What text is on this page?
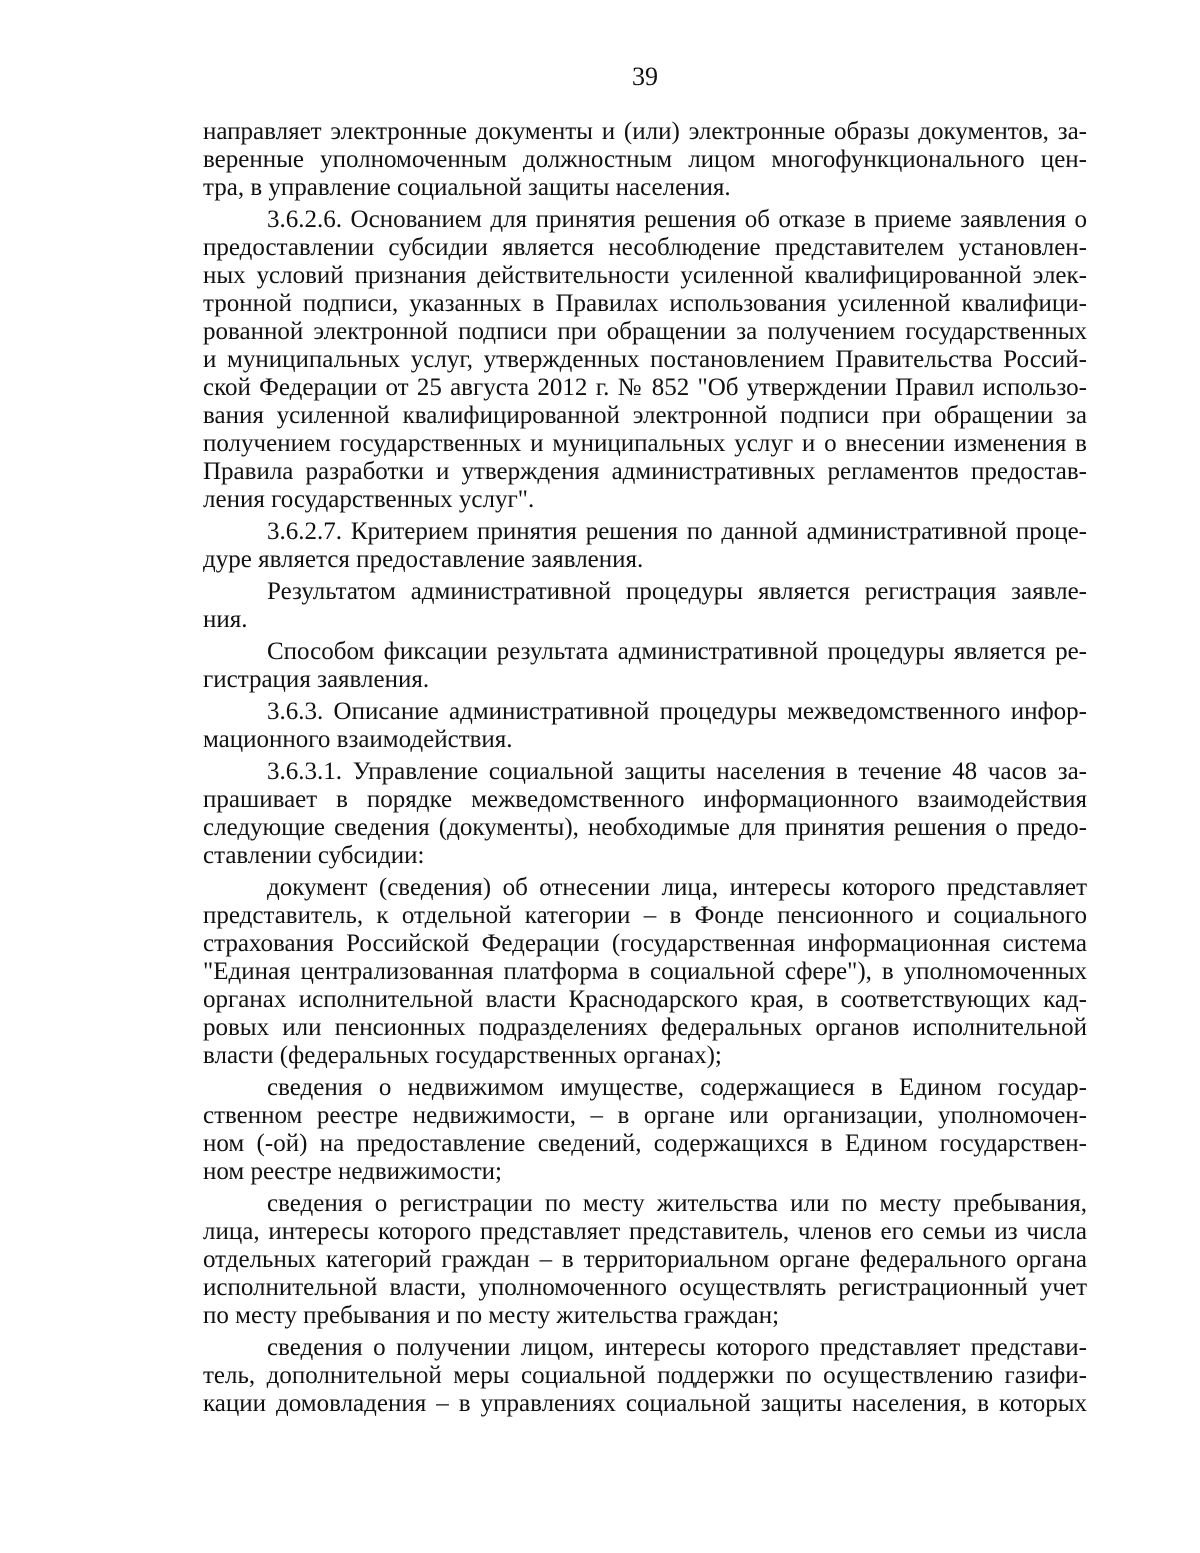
39

направляет электронные документы и (или) электронные образы документов, за-
веренные уполномоченным должностным лицом многофункционального цен-
тра, в управление социальной защиты населения.

3.6.2.6. Основанием для принятия решения об отказе в приеме заявления о
предоставлении субсидии является несоблюдение представителем установлен-
ных условий признания действительности усиленной квалифицированной элек-
тронной подписи, указанных в Правилах использования усиленной квалифици-
рованной электронной подписи при обращении за получением государственных
и муниципальных услуг, утвержденных постановлением Правительства Россий-
ской Федерации от 25 августа 2012 г. № 852 "Об утверждении Правил использо-
вания усиленной квалифицированной электронной подписи при обращении за
получением государственных и муниципальных услуг и о внесении изменения в
Правила разработки и утверждения административных регламентов предостав-
ления государственных услуг".

3.6.2.7. Критерием принятия решения по данной административной проце-
дуре является предоставление заявления.

Результатом административной процедуры является регистрация заявле-
ния.

Способом фиксации результата административной процедуры является ре-
гистрация заявления.

3.6.3. Описание административной процедуры межведомственного инфор-
мационного взаимодействия.

3.6.3.1. Управление социальной защиты населения в течение 48 часов за-
прашивает в порядке межведомственного информационного взаимодействия
следующие сведения (документы), необходимые для принятия решения о предо-
ставлении субсидии:

документ (сведения) об отнесении лица, интересы которого представляет
представитель, к отдельной категории – в Фонде пенсионного и социального
страхования Российской Федерации (государственная информационная система
"Единая централизованная платформа в социальной сфере"), в уполномоченных
органах исполнительной власти Краснодарского края, в соответствующих кад-
ровых или пенсионных подразделениях федеральных органов исполнительной
власти (федеральных государственных органах);

сведения о недвижимом имуществе, содержащиеся в Едином государ-
ственном реестре недвижимости, – в органе или организации, уполномочен-
ном (-ой) на предоставление сведений, содержащихся в Едином государствен-
ном реестре недвижимости;

сведения о регистрации по месту жительства или по месту пребывания,
лица, интересы которого представляет представитель, членов его семьи из числа
отдельных категорий граждан – в территориальном органе федерального органа
исполнительной власти, уполномоченного осуществлять регистрационный учет
по месту пребывания и по месту жительства граждан;

сведения о получении лицом, интересы которого представляет представи-
тель, дополнительной меры социальной поддержки по осуществлению газифи-
кации домовладения – в управлениях социальной защиты населения, в которых
